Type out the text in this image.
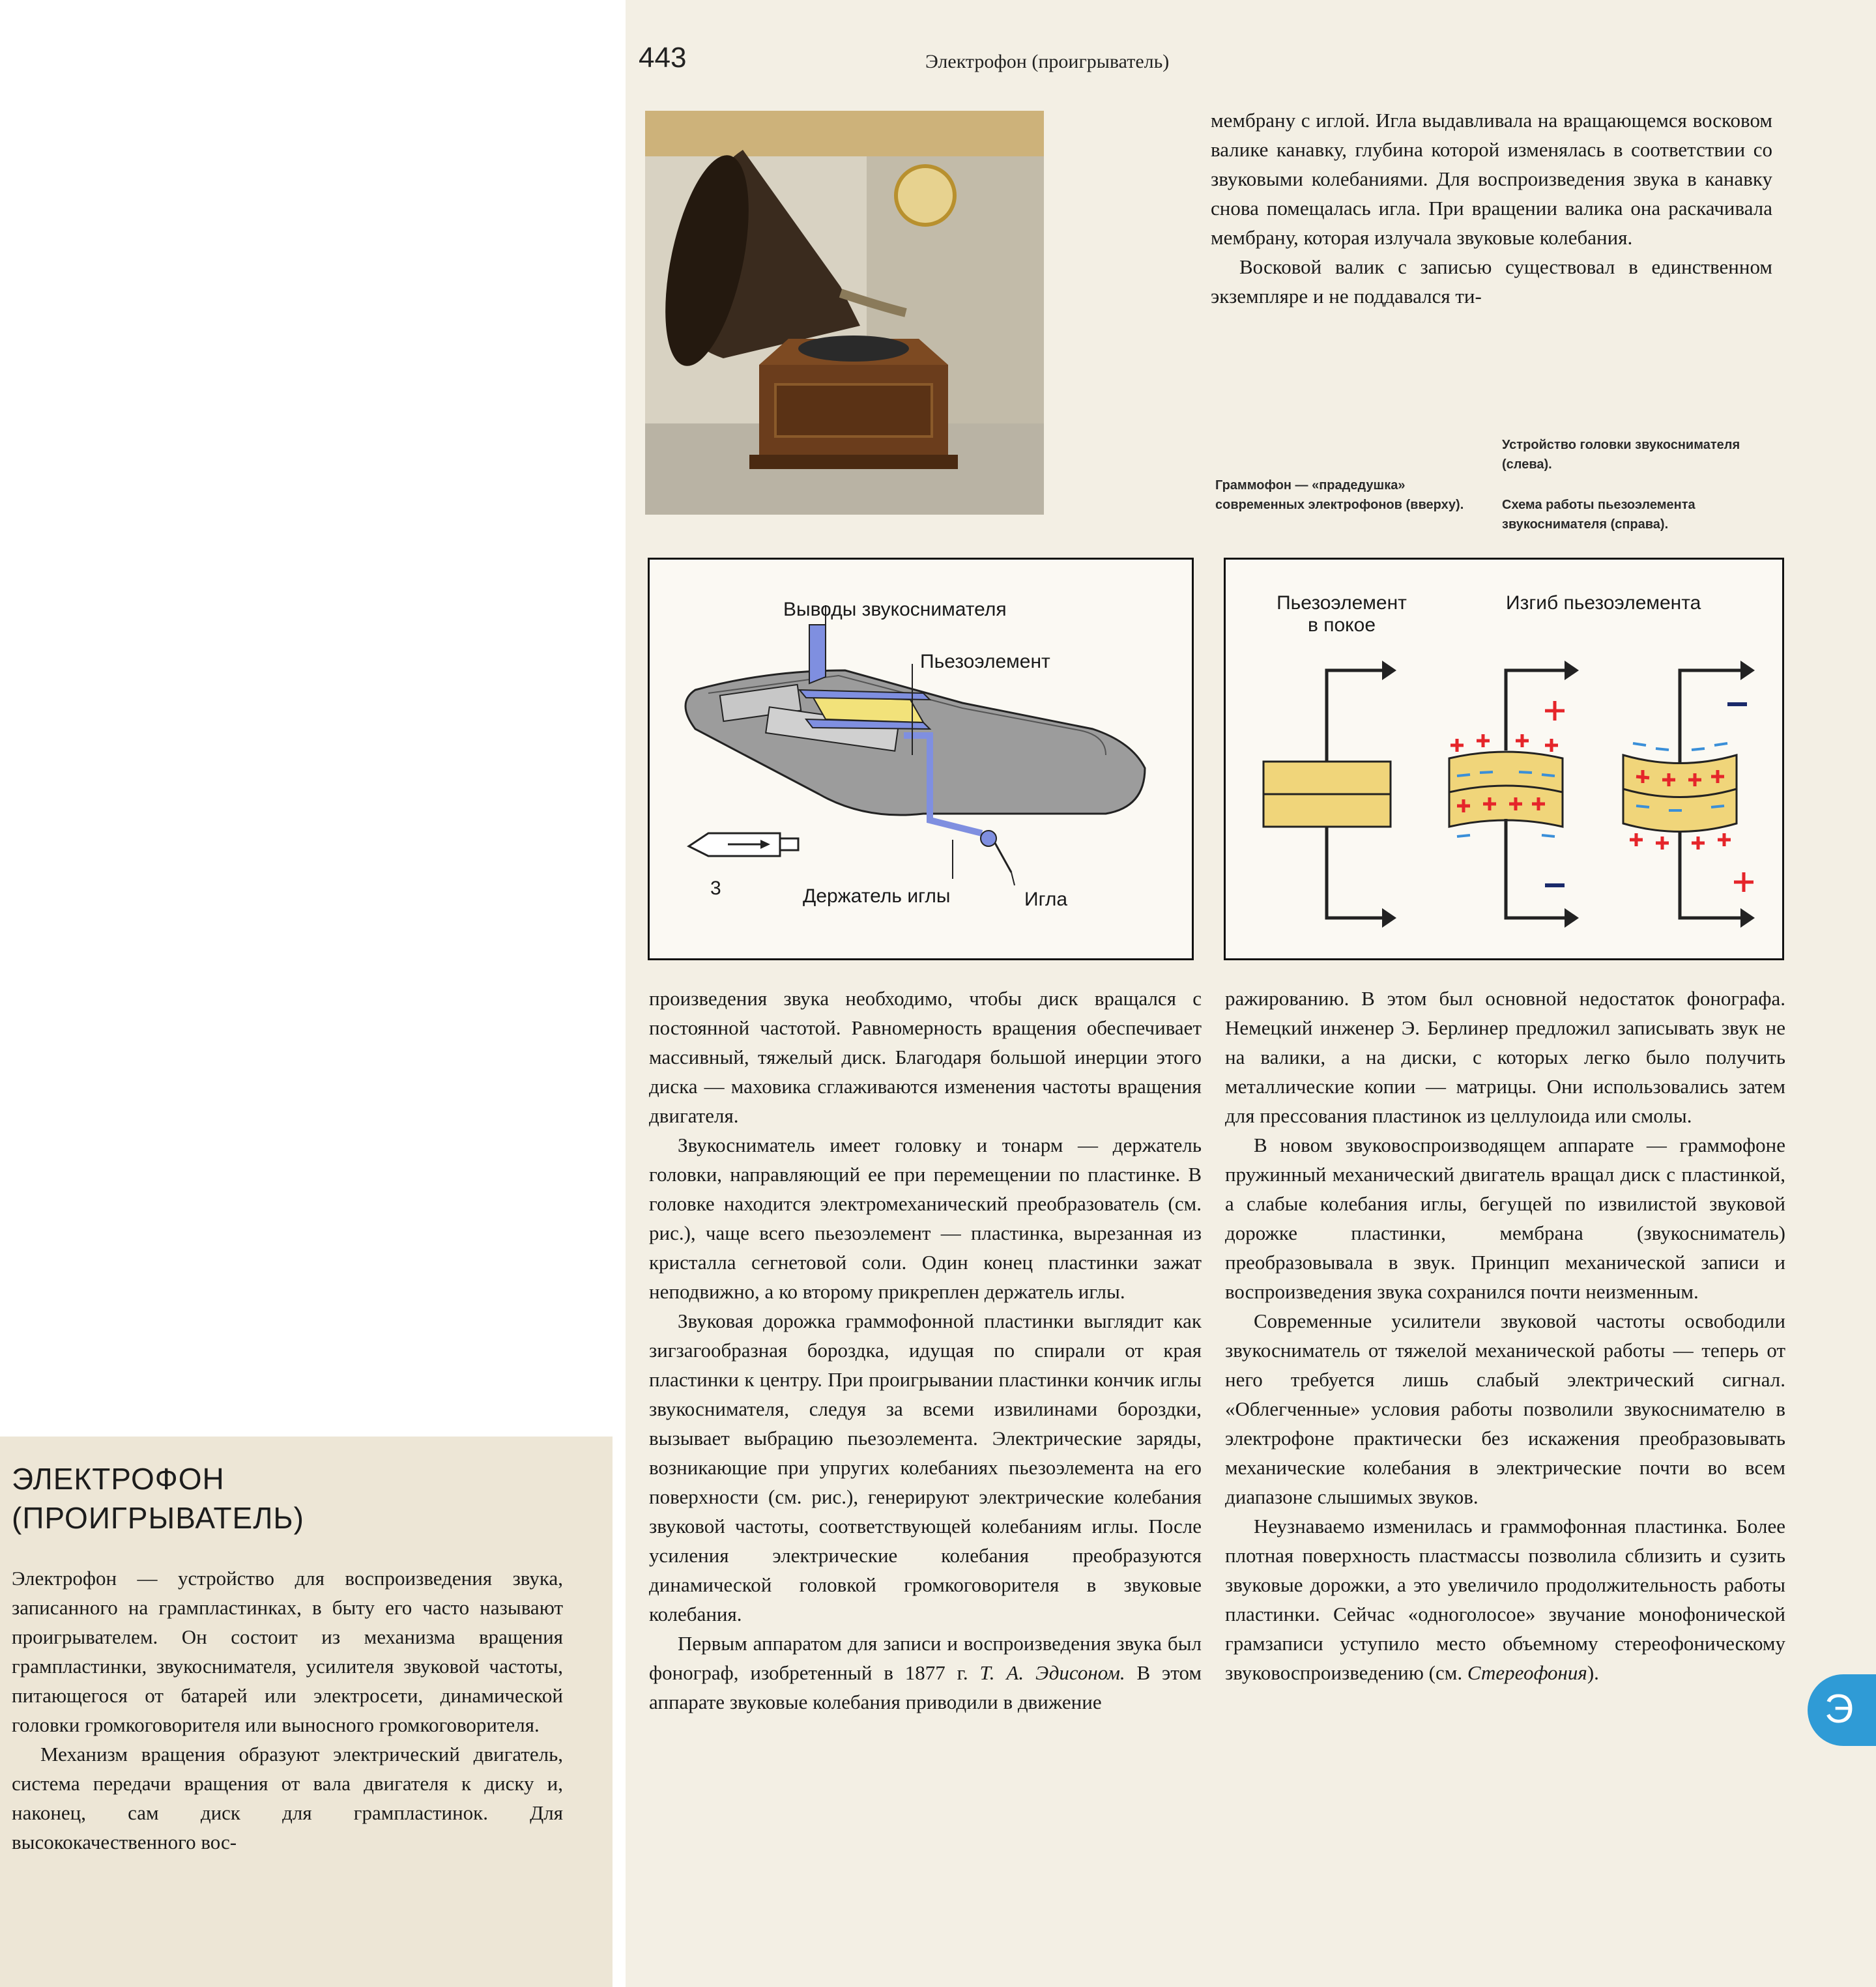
ЭЛЕКТРОФОН
(ПРОИГРЫВАТЕЛЬ)

Электрофон — устройство для воспроизведения звука, записанного на грампластинках, в быту его часто называют проигрывателем. Он состоит из механизма вращения грампластинки, звукоснимателя, усилителя звуковой частоты, питающегося от батарей или электросети, динамической головки громкоговорителя или выносного громкоговорителя.

Механизм вращения образуют электрический двигатель, система передачи вращения от вала двигателя к диску и, наконец, сам диск для грампластинок. Для высококачественного вос-

443	Электрофон (проигрыватель)

мембрану с иглой. Игла выдавливала на вращающемся восковом валике канавку, глубина которой изменялась в соответствии со звуковыми колебаниями. Для воспроизведения звука в канавку снова помещалась игла. При вращении валика она раскачивала мембрану, которая излучала звуковые колебания.

Восковой валик с записью существовал в единственном экземпляре и не поддавался ти-

Граммофон — «прадедушка» современных электрофонов (вверху).
Устройство головки звукоснимателя (слева).
Схема работы пьезоэлемента звукоснимателя (справа).
Выводы звукоснимателя
Пьезоэлемент
Держатель иглы	Игла
3
Пьезоэлемент
в покое
Изгиб пьезоэлемента

произведения звука необходимо, чтобы диск вращался с постоянной частотой. Равномерность вращения обеспечивает массивный, тяжелый диск. Благодаря большой инерции этого диска — маховика сглаживаются изменения частоты вращения двигателя.

Звукосниматель имеет головку и тонарм — держатель головки, направляющий ее при перемещении по пластинке. В головке находится электромеханический преобразователь (см. рис.), чаще всего пьезоэлемент — пластинка, вырезанная из кристалла сегнетовой соли. Один конец пластинки зажат неподвижно, а ко второму прикреплен держатель иглы.

Звуковая дорожка граммофонной пластинки выглядит как зигзагообразная бороздка, идущая по спирали от края пластинки к центру. При проигрывании пластинки кончик иглы звукоснимателя, следуя за всеми извилинами бороздки, вызывает выбрацию пьезоэлемента. Электрические заряды, возникающие при упругих колебаниях пьезоэлемента на его поверхности (см. рис.), генерируют электрические колебания звуковой частоты, соответствующей колебаниям иглы. После усиления электрические колебания преобразуются динамической головкой громкоговорителя в звуковые колебания.

Первым аппаратом для записи и воспроизведения звука был фонограф, изобретенный в 1877 г. Т. А. Эдисоном. В этом аппарате звуковые колебания приводили в движение

ражированию. В этом был основной недостаток фонографа. Немецкий инженер Э. Берлинер предложил записывать звук не на валики, а на диски, с которых легко было получить металлические копии — матрицы. Они использовались затем для прессования пластинок из целлулоида или смолы.

В новом звуковоспроизводящем аппарате — граммофоне пружинный механический двигатель вращал диск с пластинкой, а слабые колебания иглы, бегущей по извилистой звуковой дорожке пластинки, мембрана (звукосниматель) преобразовывала в звук. Принцип механической записи и воспроизведения звука сохранился почти неизменным.

Современные усилители звуковой частоты освободили звукосниматель от тяжелой механической работы — теперь от него требуется лишь слабый электрический сигнал. «Облегченные» условия работы позволили звукоснимателю в электрофоне практически без искажения преобразовывать механические колебания в электрические почти во всем диапазоне слышимых звуков.

Неузнаваемо изменилась и граммофонная пластинка. Более плотная поверхность пластмассы позволила сблизить и сузить звуковые дорожки, а это увеличило продолжительность работы пластинки. Сейчас «одноголосое» звучание монофонической грамзаписи уступило место объемному стереофоническому звуковоспроизведению (см. Стереофония).

Э
